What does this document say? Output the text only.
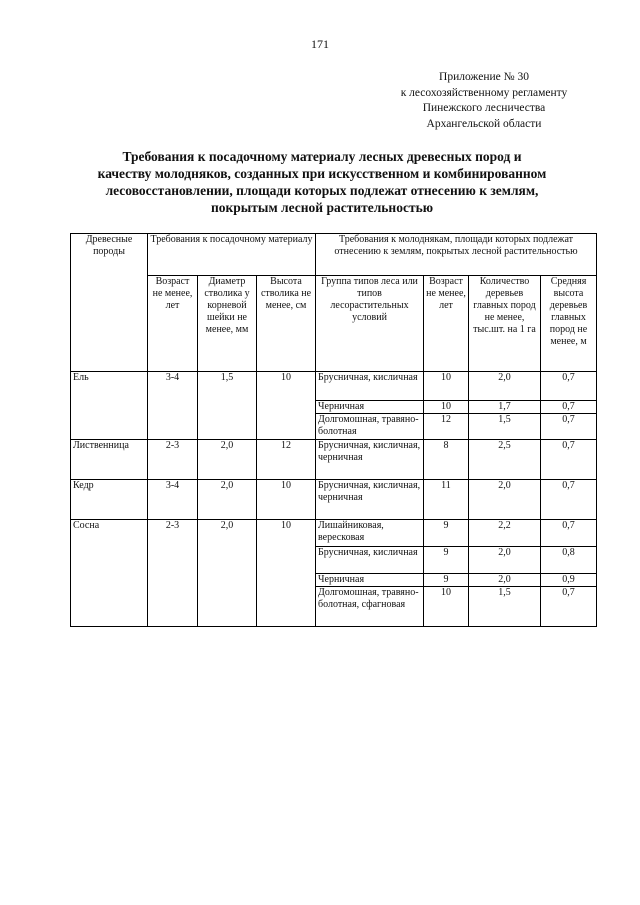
171
Приложение № 30
к лесохозяйственному регламенту
Пинежского лесничества
Архангельской области
Требования к посадочному материалу лесных древесных пород и
качеству молодняков, созданных при искусственном и комбинированном
лесовосстановлении, площади которых подлежат отнесению к землям,
покрытым лесной растительностью
Древесные породы	Требования к посадочному материалу			Требования к молоднякам, площади которых подлежат отнесению к землям, покрытых лесной растительностью			
	Возраст не менее, лет	Диаметр стволика у корневой шейки не менее, мм	Высота стволика не менее, см	Группа типов леса или типов лесорастительных условий	Возраст не менее, лет	Количество деревьев главных пород не менее, тыс.шт. на 1 га	Средняя высота деревьев главных пород не менее, м
Ель	3-4	1,5	10	Брусничная, кисличная	10	2,0	0,7
				Черничная	10	1,7	0,7
				Долгомошная, травяно-болотная	12	1,5	0,7
Лиственница	2-3	2,0	12	Брусничная, кисличная, черничная	8	2,5	0,7
Кедр	3-4	2,0	10	Брусничная, кисличная, черничная	11	2,0	0,7
Сосна	2-3	2,0	10	Лишайниковая, вересковая	9	2,2	0,7
				Брусничная, кисличная	9	2,0	0,8
				Черничная	9	2,0	0,9
				Долгомошная, травяно-болотная, сфагновая	10	1,5	0,7
